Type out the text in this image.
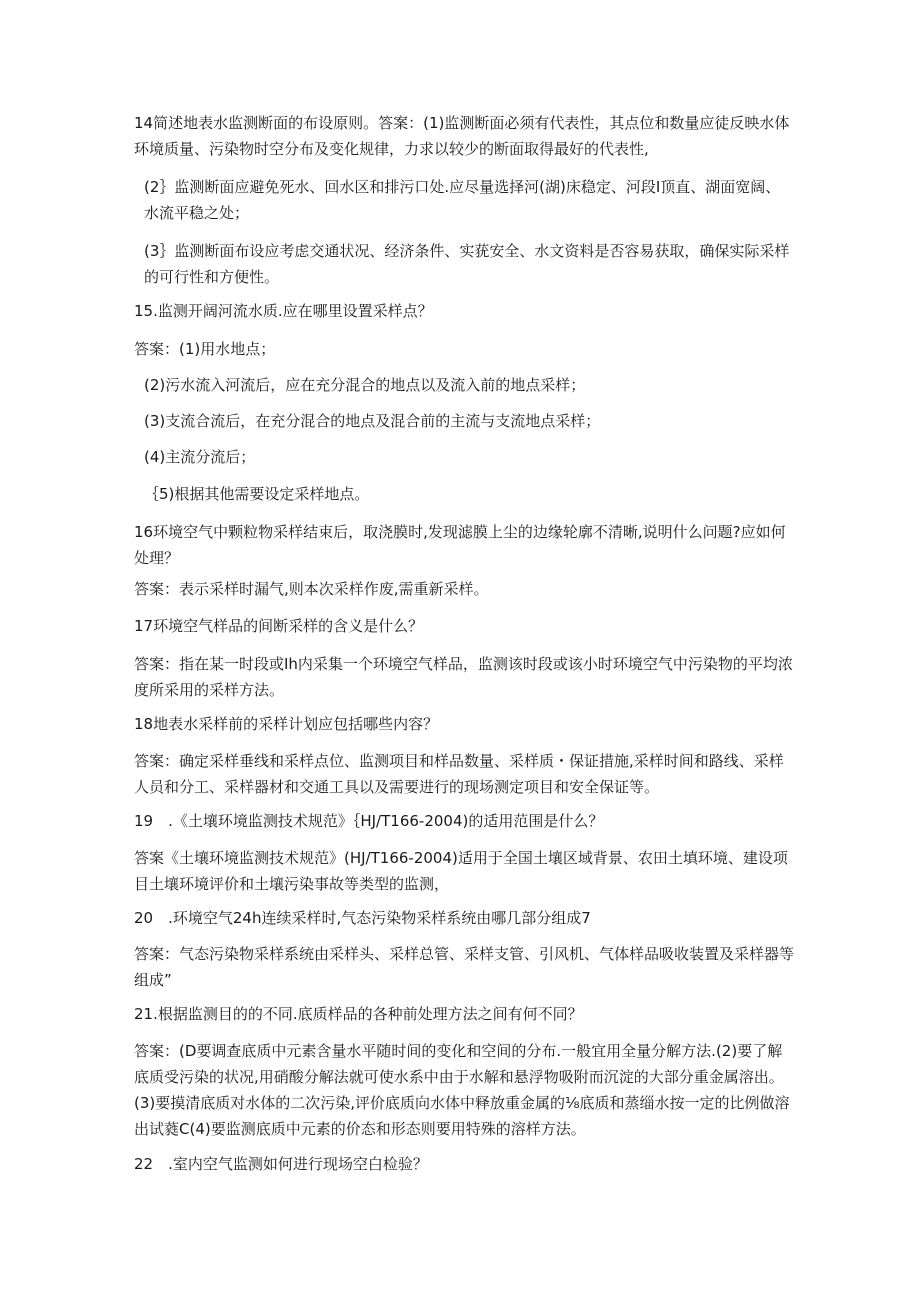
14简述地表水监测断面的布设原则。答案：(1)监测断面必须有代表性，其点位和数量应徒反映水体环境质量、污染物时空分布及变化规律，力求以较少的断面取得最好的代表性,

(2｝监测断面应避免死水、回水区和排污口处.应尽量选择河(湖)床稳定、河段I顶直、湖面宽阔、水流平稳之处；

(3｝监测断面布设应考虑交通状况、经济条件、实莸安全、水文资料是否容易获取，确保实际采样的可行性和方便性。

15.监测开阔河流水质.应在哪里设置采样点？

答案：(1)用水地点；

(2)污水流入河流后，应在充分混合的地点以及流入前的地点采样；

(3)支流合流后，在充分混合的地点及混合前的主流与支流地点采样；

(4)主流分流后；

｛5)根据其他需要设定采样地点。

16环境空气中颗粒物采样结束后，取浇膜时,发现滤膜上尘的边缘轮廓不清晰,说明什么问题?应如何处理？

答案：表示采样时漏气,则本次采样作废,需重新采样。

17环境空气样品的间断采样的含义是什么？

答案：指在某一时段或Ih内采集一个环境空气样品，监测该时段或该小时环境空气中污染物的平均浓度所采用的采样方法。

18地表水采样前的采样计划应包括哪些内容？

答案：确定采样垂线和采样点位、监测项目和样品数量、采样质・保证措施,采样时间和路线、采样人员和分工、采样器材和交通工具以及需要进行的现场测定项目和安全保证等。

19　.《土壤环境监测技术规范》｛HJ/T166-2004)的适用范围是什么？

答案《土壤环境监测技术规范》(HJ/T166-2004)适用于全国土壤区域背景、农田土填环境、建设项目土壤环境评价和土壤污染事故等类型的监测，

20　.环境空气24h连续采样时,气态污染物采样系统由哪几部分组成7

答案：气态污染物采样系统由采样头、采样总管、采样支管、引风机、气体样品吸收装置及采样器等组成”

21.根据监测目的的不同.底质样品的各种前处理方法之间有何不同？

答案：(D要调查底质中元素含量水平随时间的变化和空间的分布.一般宜用全量分解方法.(2)要了解底质受污染的状况,用硝酸分解法就可使水系中由于水解和悬浮物吸附而沉淀的大部分重金属溶出。(3)要摸清底质对水体的二次污染,评价底质向水体中释放重金属的⅛底质和蒸缁水按一定的比例做溶出试蕤C(4)要监测底质中元素的价态和形态则要用特殊的溶样方法。

22　.室内空气监测如何进行现场空白检验？
